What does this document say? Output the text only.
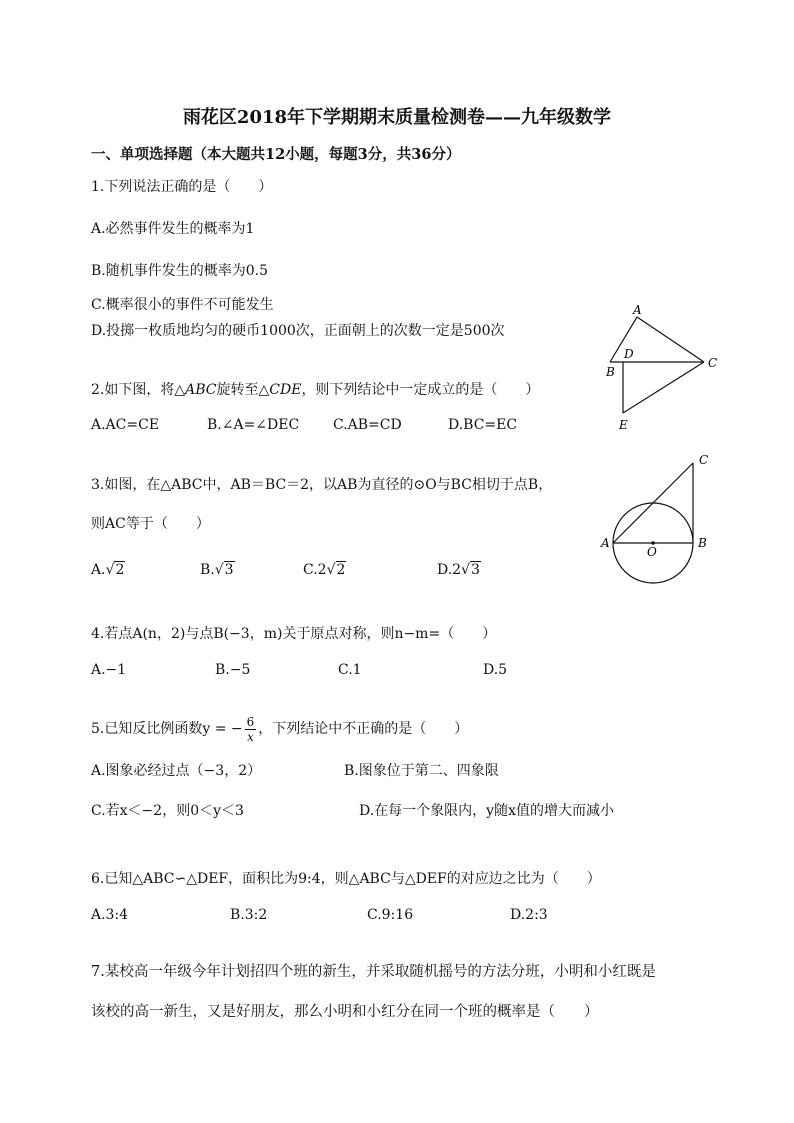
雨花区2018年下学期期末质量检测卷——九年级数学
一、单项选择题（本大题共12小题，每题3分，共36分）
1.下列说法正确的是（　　）
A.必然事件发生的概率为1
B.随机事件发生的概率为0.5
C.概率很小的事件不可能发生
D.投掷一枚质地均匀的硬币1000次，正面朝上的次数一定是500次
A
D
C
B
E
2.如下图，将△ABC旋转至△CDE，则下列结论中一定成立的是（　　）
A.AC=CE	B.∠A=∠DEC C.AB=CD	D.BC=EC
C
A	B
O
3.如图，在△ABC中，AB＝BC＝2，以AB为直径的⊙O与BC相切于点B，
则AC等于（　　）
A.√2	B.√3	C.2√2	D.2√3
4.若点A(n，2)与点B(−3，m)关于原点对称，则n−m=（　　）
A.−1	B.−5	C.1	D.5
5.已知反比例函数y = − $\frac{6}{x}$ ，下列结论中不正确的是（　　）
A.图象必经过点（−3，2）	B.图象位于第二、四象限
C.若x＜−2，则0＜y＜3	D.在每一个象限内，y随x值的增大而减小
6.已知△ABC∽△DEF，面积比为9:4，则△ABC与△DEF的对应边之比为（　　）
A.3:4	B.3:2	C.9:16	D.2:3
7.某校高一年级今年计划招四个班的新生，并采取随机摇号的方法分班，小明和小红既是
该校的高一新生，又是好朋友，那么小明和小红分在同一个班的概率是（　　）
